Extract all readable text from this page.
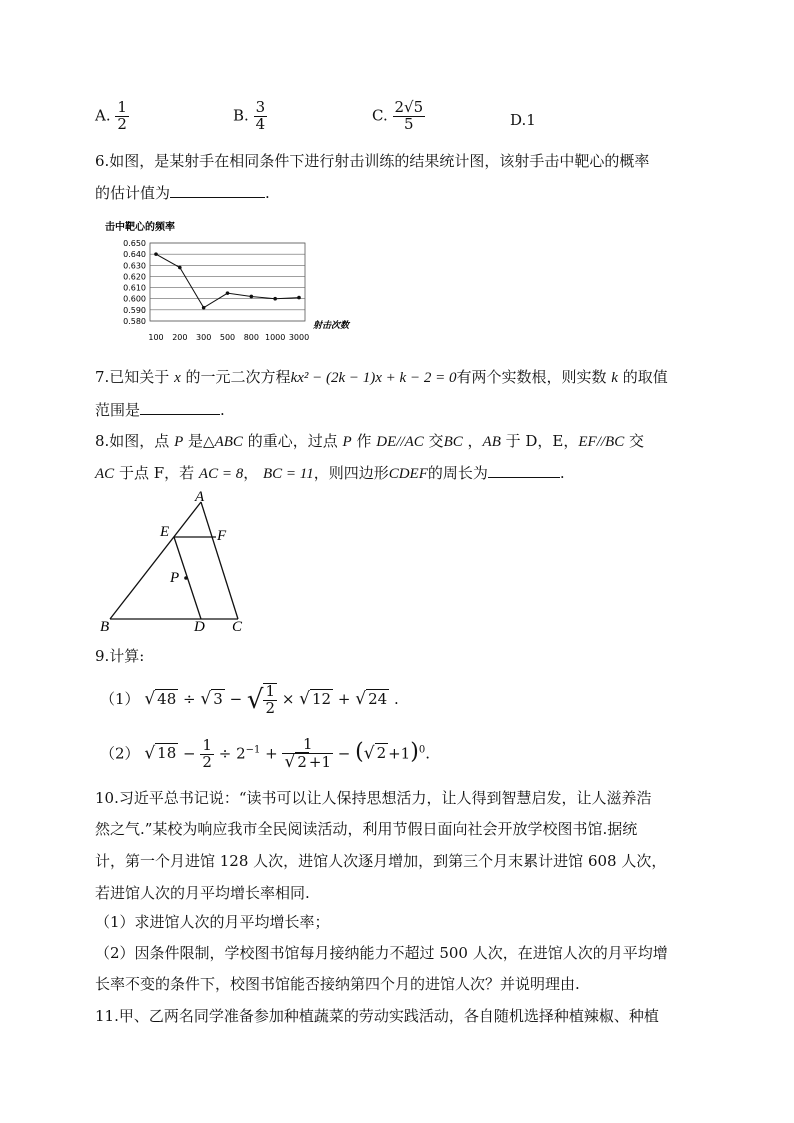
A. $\frac{1}{2}$	B. $\frac{3}{4}$	C. $\frac{2√5}{5}$	D.1
6.如图，是某射手在相同条件下进行射击训练的结果统计图，该射手击中靶心的概率
的估计值为	.
击中靶心的频率
0.650
0.640
0.630
0.620
0.610
0.600
0.590
0.580
100 200 300 500 800 1000 3000
射击次数
7.已知关于 x 的一元二次方程kx² − (2k − 1)x + k − 2 = 0有两个实数根，则实数 k 的取值
范围是	.
8.如图，点 P 是△ABC 的重心，过点 P 作 DE//AC 交BC ，AB 于 D，E，EF//BC 交
AC 于点 F，若 AC = 8， BC = 11，则四边形CDEF的周长为	.
A
B	C
D
E	F
P
9.计算:
（1） √ 48 ÷ √ 3 − √ $\frac{1}{2}$ × √ 12 + √ 24 .
（2） √ $18 - \frac{1}{2} \div 2^{-1} + \frac{1}{√ 2 +1}$ − (√ 2 +1)$^0$.
10.习近平总书记说：“读书可以让人保持思想活力，让人得到智慧启发，让人滋养浩
然之气.”某校为响应我市全民阅读活动，利用节假日面向社会开放学校图书馆.据统
计，第一个月进馆 128 人次，进馆人次逐月增加，到第三个月末累计进馆 608 人次，
若进馆人次的月平均增长率相同.
（1）求进馆人次的月平均增长率；
（2）因条件限制，学校图书馆每月接纳能力不超过 500 人次，在进馆人次的月平均增
长率不变的条件下，校图书馆能否接纳第四个月的进馆人次？并说明理由.
11.甲、乙两名同学准备参加种植蔬菜的劳动实践活动，各自随机选择种植辣椒、种植
